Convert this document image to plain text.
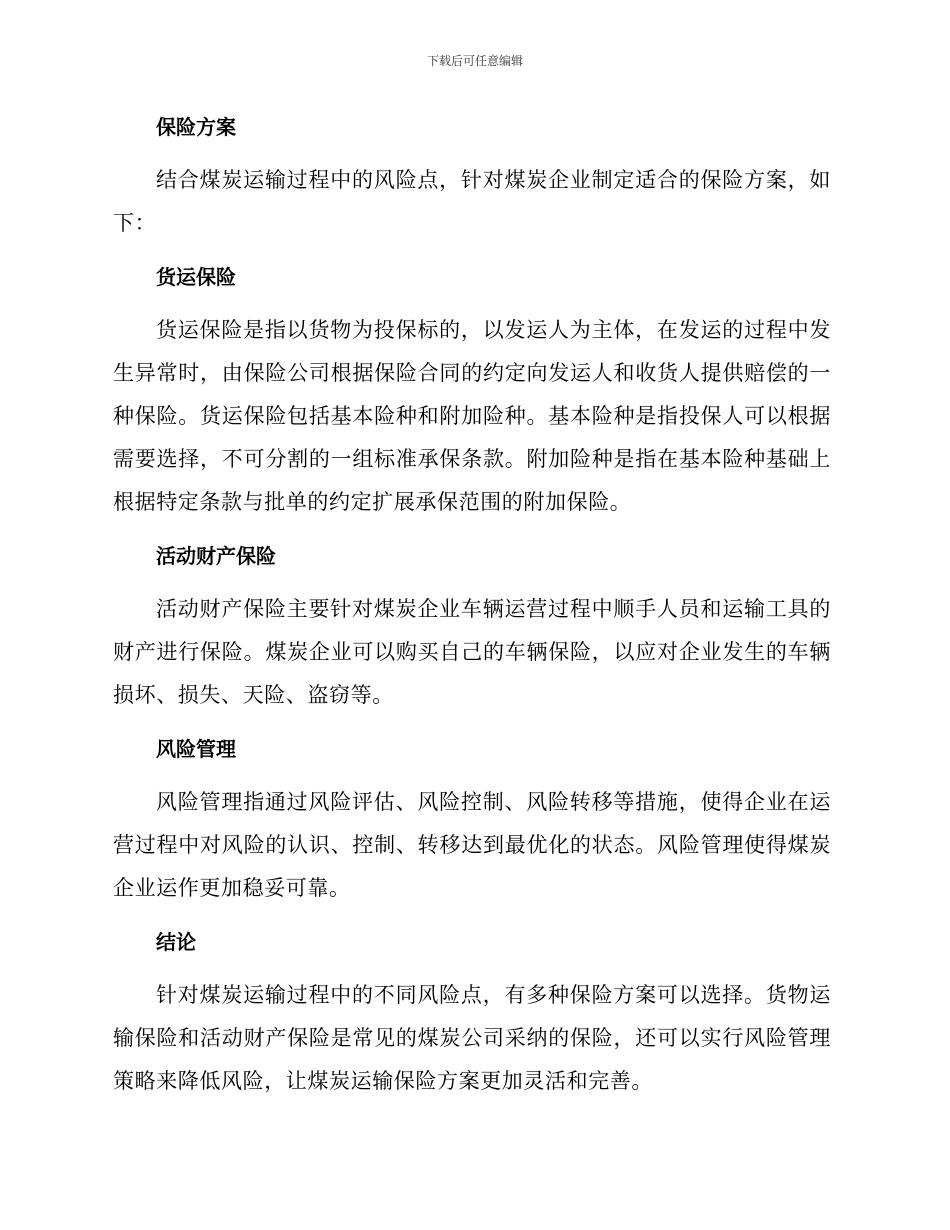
下载后可任意编辑
保险方案

结合煤炭运输过程中的风险点，针对煤炭企业制定适合的保险方案，如下：

货运保险

货运保险是指以货物为投保标的，以发运人为主体，在发运的过程中发生异常时，由保险公司根据保险合同的约定向发运人和收货人提供赔偿的一种保险。货运保险包括基本险种和附加险种。基本险种是指投保人可以根据需要选择，不可分割的一组标准承保条款。附加险种是指在基本险种基础上根据特定条款与批单的约定扩展承保范围的附加保险。

活动财产保险

活动财产保险主要针对煤炭企业车辆运营过程中顺手人员和运输工具的财产进行保险。煤炭企业可以购买自己的车辆保险，以应对企业发生的车辆损坏、损失、天险、盗窃等。

风险管理

风险管理指通过风险评估、风险控制、风险转移等措施，使得企业在运营过程中对风险的认识、控制、转移达到最优化的状态。风险管理使得煤炭企业运作更加稳妥可靠。

结论

针对煤炭运输过程中的不同风险点，有多种保险方案可以选择。货物运输保险和活动财产保险是常见的煤炭公司采纳的保险，还可以实行风险管理策略来降低风险，让煤炭运输保险方案更加灵活和完善。
